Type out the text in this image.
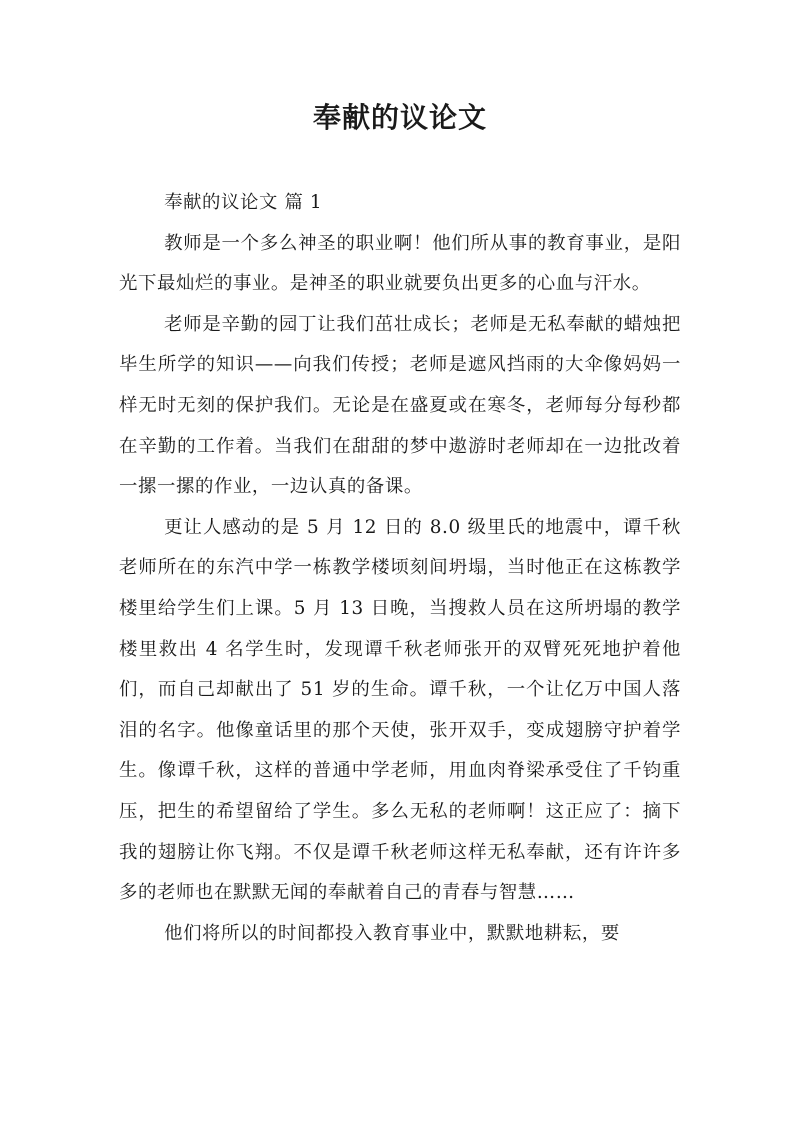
奉献的议论文

奉献的议论文 篇 1

教师是一个多么神圣的职业啊！他们所从事的教育事业，是阳光下最灿烂的事业。是神圣的职业就要负出更多的心血与汗水。

老师是辛勤的园丁让我们茁壮成长；老师是无私奉献的蜡烛把毕生所学的知识——向我们传授；老师是遮风挡雨的大伞像妈妈一样无时无刻的保护我们。无论是在盛夏或在寒冬，老师每分每秒都在辛勤的工作着。当我们在甜甜的梦中遨游时老师却在一边批改着一摞一摞的作业，一边认真的备课。

更让人感动的是 5 月 12 日的 8.0 级里氏的地震中，谭千秋老师所在的东汽中学一栋教学楼顷刻间坍塌，当时他正在这栋教学楼里给学生们上课。5 月 13 日晚，当搜救人员在这所坍塌的教学楼里救出 4 名学生时，发现谭千秋老师张开的双臂死死地护着他们，而自己却献出了 51 岁的生命。谭千秋，一个让亿万中国人落泪的名字。他像童话里的那个天使，张开双手，变成翅膀守护着学生。像谭千秋，这样的普通中学老师，用血肉脊梁承受住了千钧重压，把生的希望留给了学生。多么无私的老师啊！这正应了：摘下我的翅膀让你飞翔。不仅是谭千秋老师这样无私奉献，还有许许多多的老师也在默默无闻的奉献着自己的青春与智慧……

他们将所以的时间都投入教育事业中，默默地耕耘，要
